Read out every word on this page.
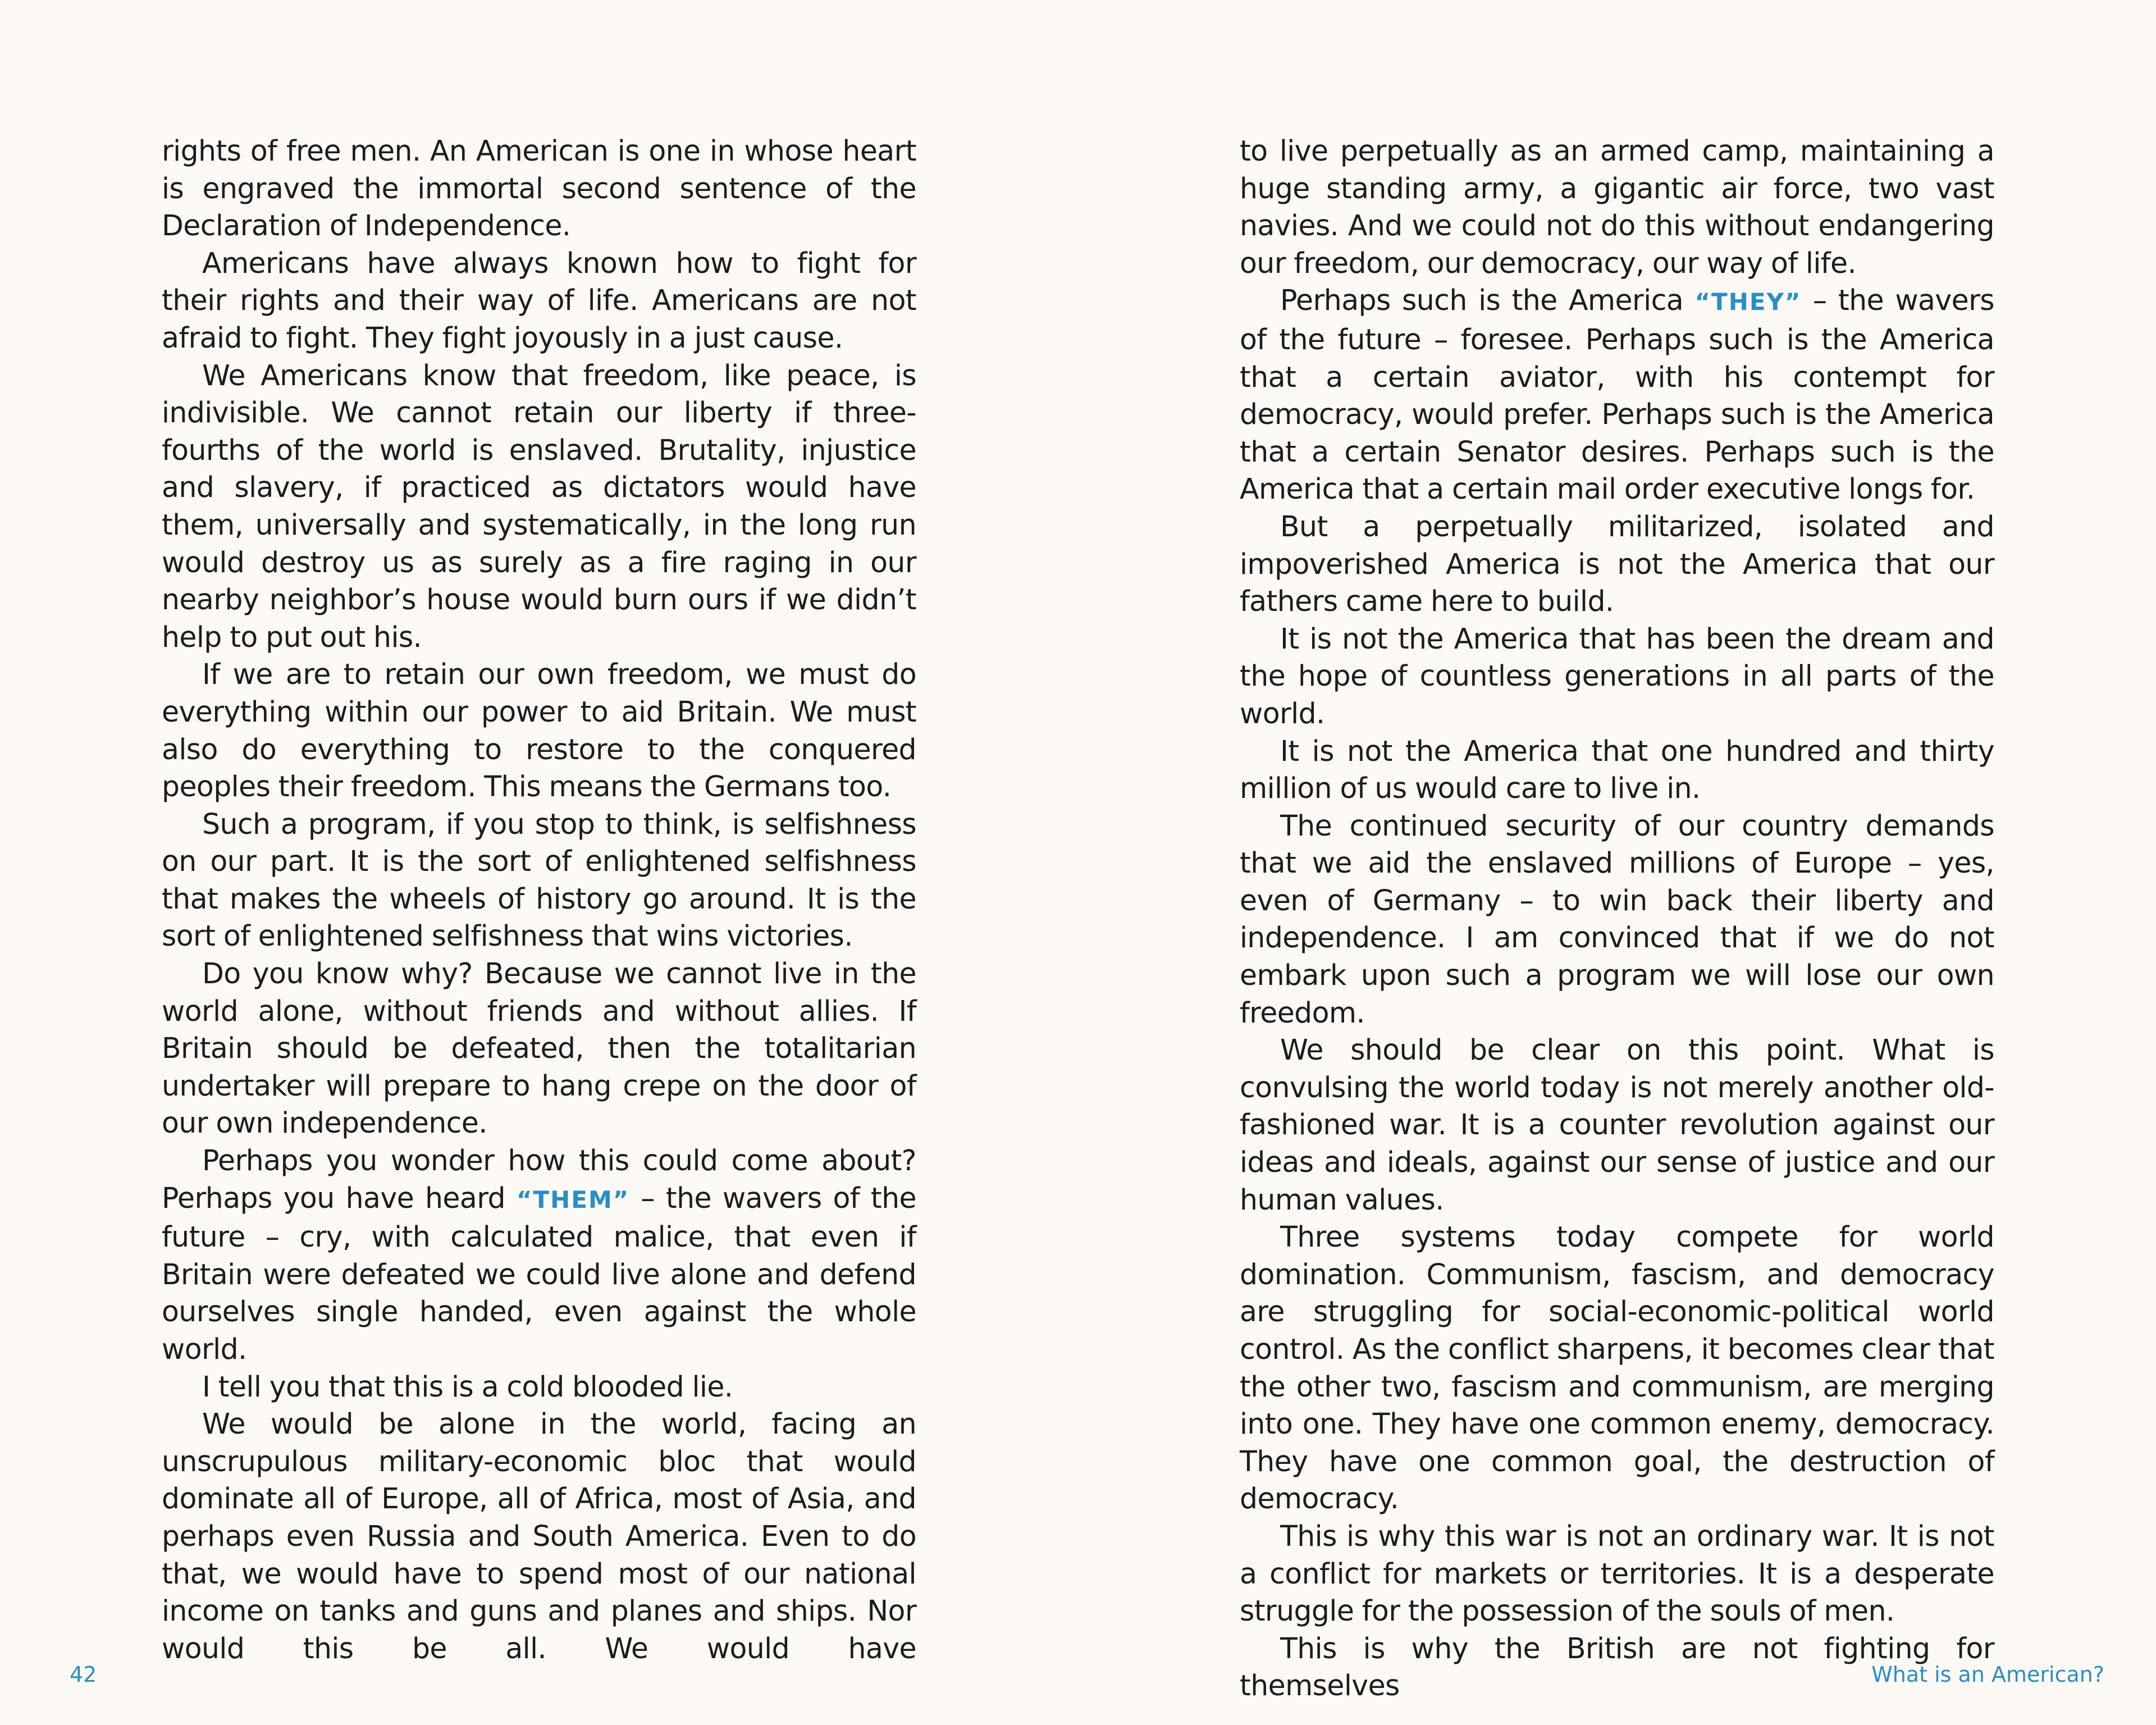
rights of free men. An American is one in whose heart is engraved the immortal second sentence of the Declaration of Independence.

Americans have always known how to fight for their rights and their way of life. Americans are not afraid to fight. They fight joyously in a just cause.

We Americans know that freedom, like peace, is indivisible. We cannot retain our liberty if three-fourths of the world is enslaved. Brutality, injustice and slavery, if practiced as dictators would have them, universally and systematically, in the long run would destroy us as surely as a fire raging in our nearby neighbor’s house would burn ours if we didn’t help to put out his.

If we are to retain our own freedom, we must do everything within our power to aid Britain. We must also do everything to restore to the conquered peoples their freedom. This means the Germans too.

Such a program, if you stop to think, is selfishness on our part. It is the sort of enlightened selfishness that makes the wheels of history go around. It is the sort of enlightened selfishness that wins victories.

Do you know why? Because we cannot live in the world alone, without friends and without allies. If Britain should be defeated, then the totalitarian undertaker will prepare to hang crepe on the door of our own independence.

Perhaps you wonder how this could come about? Perhaps you have heard “THEM” – the wavers of the future – cry, with calculated malice, that even if Britain were defeated we could live alone and defend ourselves single handed, even against the whole world.

I tell you that this is a cold blooded lie.

We would be alone in the world, facing an unscrupulous military-economic bloc that would dominate all of Europe, all of Africa, most of Asia, and perhaps even Russia and South America. Even to do that, we would have to spend most of our national income on tanks and guns and planes and ships. Nor would this be all. We would have

to live perpetually as an armed camp, maintaining a huge standing army, a gigantic air force, two vast navies. And we could not do this without endangering our freedom, our democracy, our way of life.

Perhaps such is the America “THEY” – the wavers of the future – foresee. Perhaps such is the America that a certain aviator, with his contempt for democracy, would prefer. Perhaps such is the America that a certain Senator desires. Perhaps such is the America that a certain mail order executive longs for.

But a perpetually militarized, isolated and impoverished America is not the America that our fathers came here to build.

It is not the America that has been the dream and the hope of countless generations in all parts of the world.

It is not the America that one hundred and thirty million of us would care to live in.

The continued security of our country demands that we aid the enslaved millions of Europe – yes, even of Germany – to win back their liberty and independence. I am convinced that if we do not embark upon such a program we will lose our own freedom.

We should be clear on this point. What is convulsing the world today is not merely another old-fashioned war. It is a counter revolution against our ideas and ideals, against our sense of justice and our human values.

Three systems today compete for world domination. Communism, fascism, and democracy are struggling for social-economic-political world control. As the conflict sharpens, it becomes clear that the other two, fascism and communism, are merging into one. They have one common enemy, democracy. They have one common goal, the destruction of democracy.

This is why this war is not an ordinary war. It is not a conflict for markets or territories. It is a desperate struggle for the possession of the souls of men.

This is why the British are not fighting for themselves

42	What is an American?
